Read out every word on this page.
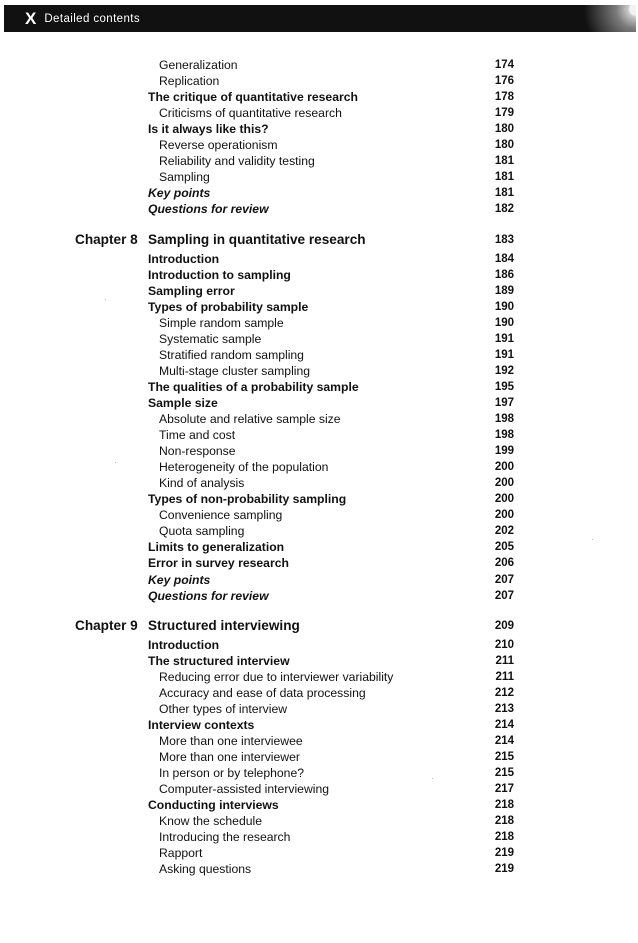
X Detailed contents
Generalization	174
Replication	176
The critique of quantitative research	178
Criticisms of quantitative research	179
Is it always like this?	180
Reverse operationism	180
Reliability and validity testing	181
Sampling	181
Key points	181
Questions for review	182
Chapter 8 Sampling in quantitative research	183
Introduction	184
Introduction to sampling	186
Sampling error	189
Types of probability sample	190
Simple random sample	190
Systematic sample	191
Stratified random sampling	191
Multi-stage cluster sampling	192
The qualities of a probability sample	195
Sample size	197
Absolute and relative sample size	198
Time and cost	198
Non-response	199
Heterogeneity of the population	200
Kind of analysis	200
Types of non-probability sampling	200
Convenience sampling	200
Quota sampling	202
Limits to generalization	205
Error in survey research	206
Key points	207
Questions for review	207
Chapter 9 Structured interviewing	209
Introduction	210
The structured interview	211
Reducing error due to interviewer variability	211
Accuracy and ease of data processing	212
Other types of interview	213
Interview contexts	214
More than one interviewee	214
More than one interviewer	215
In person or by telephone?	215
Computer-assisted interviewing	217
Conducting interviews	218
Know the schedule	218
Introducing the research	218
Rapport	219
Asking questions	219
